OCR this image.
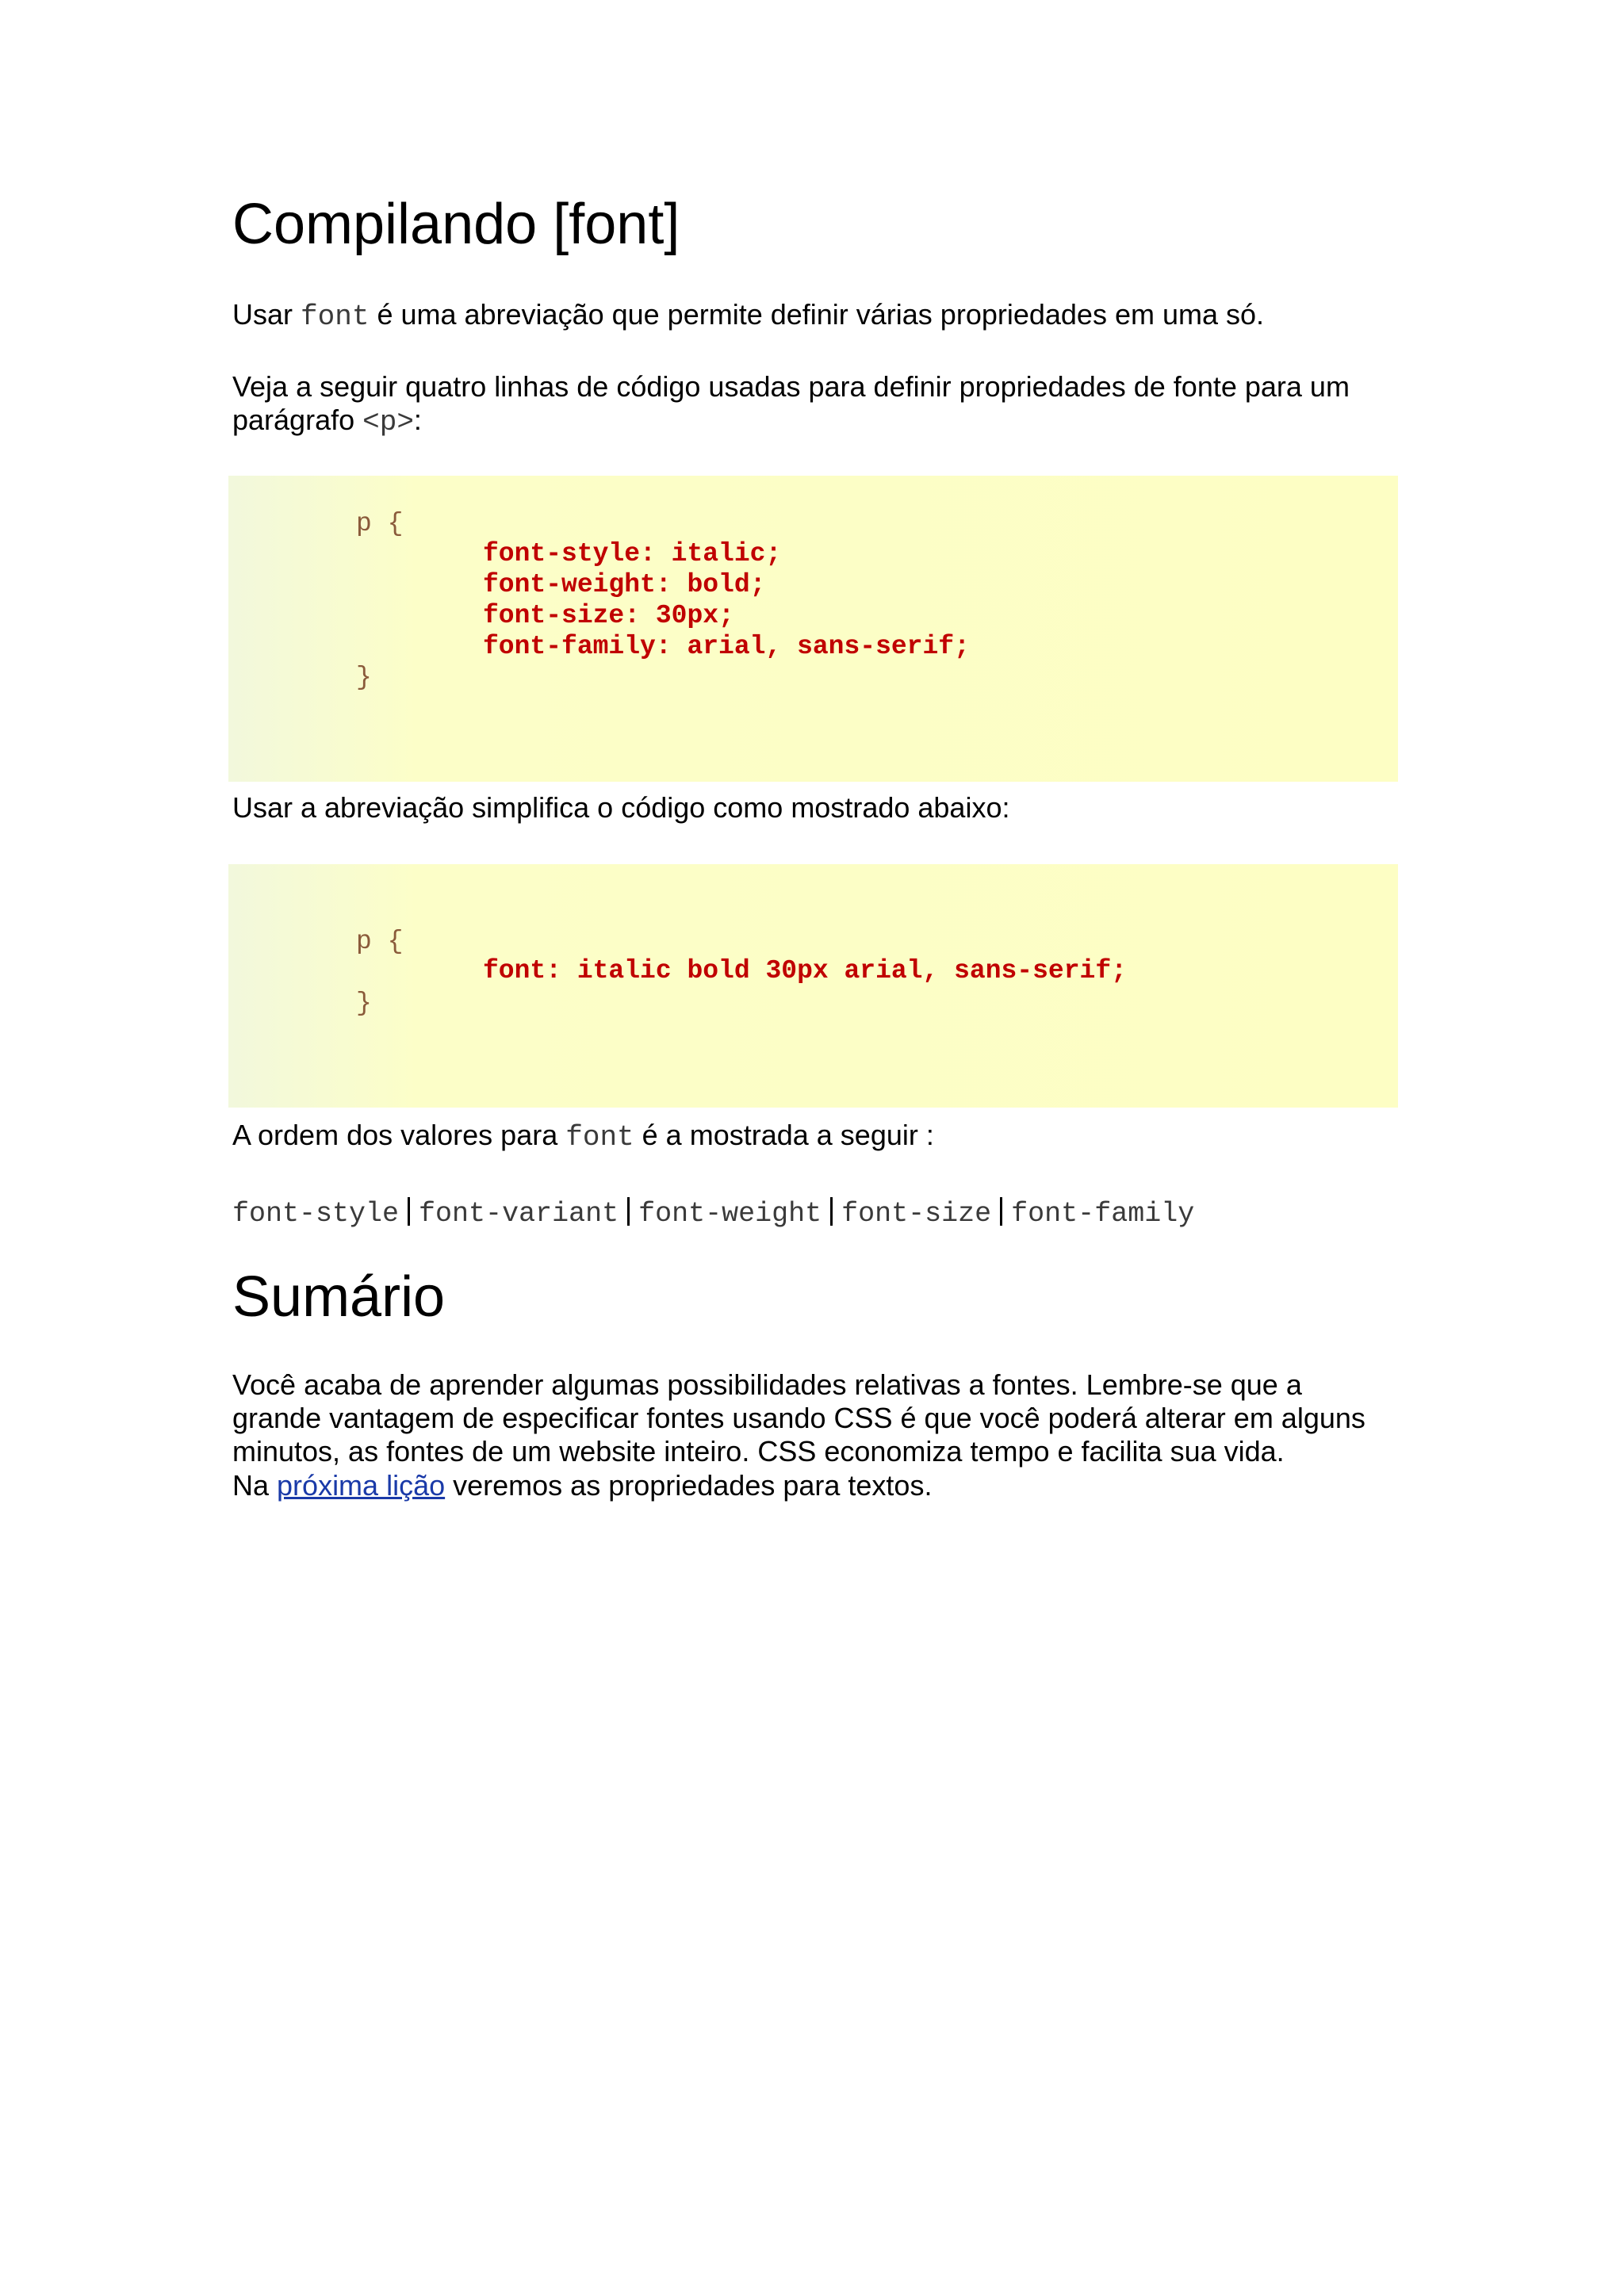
Compilando [font]

Usar font é uma abreviação que permite definir várias propriedades em uma só.

Veja a seguir quatro linhas de código usadas para definir propriedades de fonte para um parágrafo <p>:

p {
font-style: italic;
font-weight: bold;
font-size: 30px;
font-family: arial, sans-serif;
}

Usar a abreviação simplifica o código como mostrado abaixo:

p {
font: italic bold 30px arial, sans-serif;
}

A ordem dos valores para font é a mostrada a seguir :

font-style font-variant font-weight font-size font-family
Sumário

Você acaba de aprender algumas possibilidades relativas a fontes. Lembre-se que a grande vantagem de especificar fontes usando CSS é que você poderá alterar em alguns minutos, as fontes de um website inteiro. CSS economiza tempo e facilita sua vida.

Na próxima lição veremos as propriedades para textos.
